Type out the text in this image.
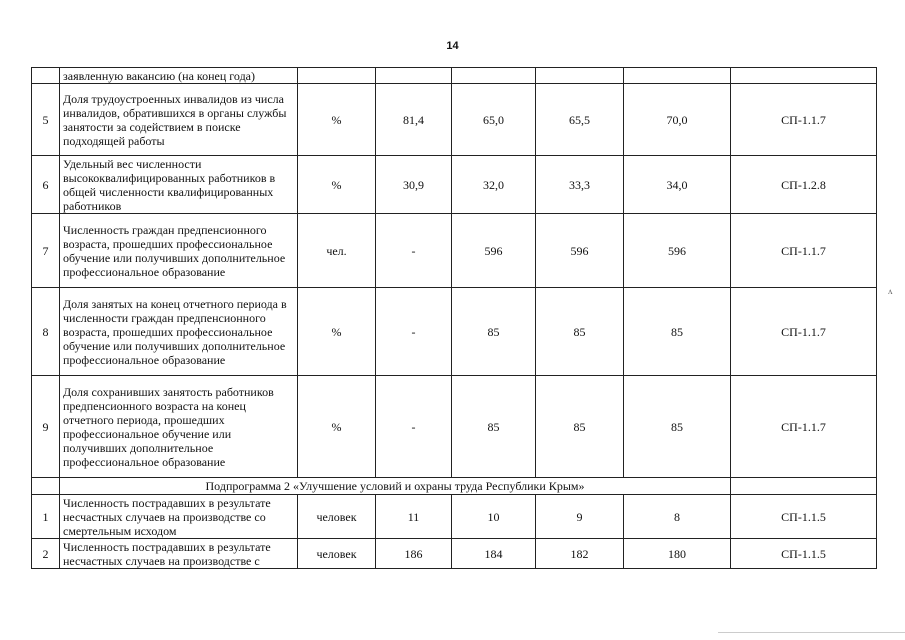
14
	заявленную вакансию (на конец года)						
5	Доля трудоустроенных инвалидов из числа инвалидов, обратившихся в органы службы занятости за содействием в поиске подходящей работы	%	81,4	65,0	65,5	70,0	СП-1.1.7
6	Удельный вес численности высококвалифицированных работников в общей численности квалифицированных работников	%	30,9	32,0	33,3	34,0	СП-1.2.8
7	Численность граждан предпенсионного возраста, прошедших профессиональное обучение или получивших дополнительное профессиональное образование	чел.	-	596	596	596	СП-1.1.7
8	Доля занятых на конец отчетного периода в численности граждан предпенсионного возраста, прошедших профессиональное обучение или получивших дополнительное профессиональное образование	%	-	85	85	85	СП-1.1.7
9	Доля сохранивших занятость работников предпенсионного возраста на конец отчетного периода, прошедших профессиональное обучение или получивших дополнительное профессиональное образование	%	-	85	85	85	СП-1.1.7
	Подпрограмма 2 «Улучшение условий и охраны труда Республики Крым»						
1	Численность пострадавших в результате несчастных случаев на производстве со смертельным исходом	человек	11	10	9	8	СП-1.1.5
2	Численность пострадавших в результате несчастных случаев на производстве с	человек	186	184	182	180	СП-1.1.5
ʌ
